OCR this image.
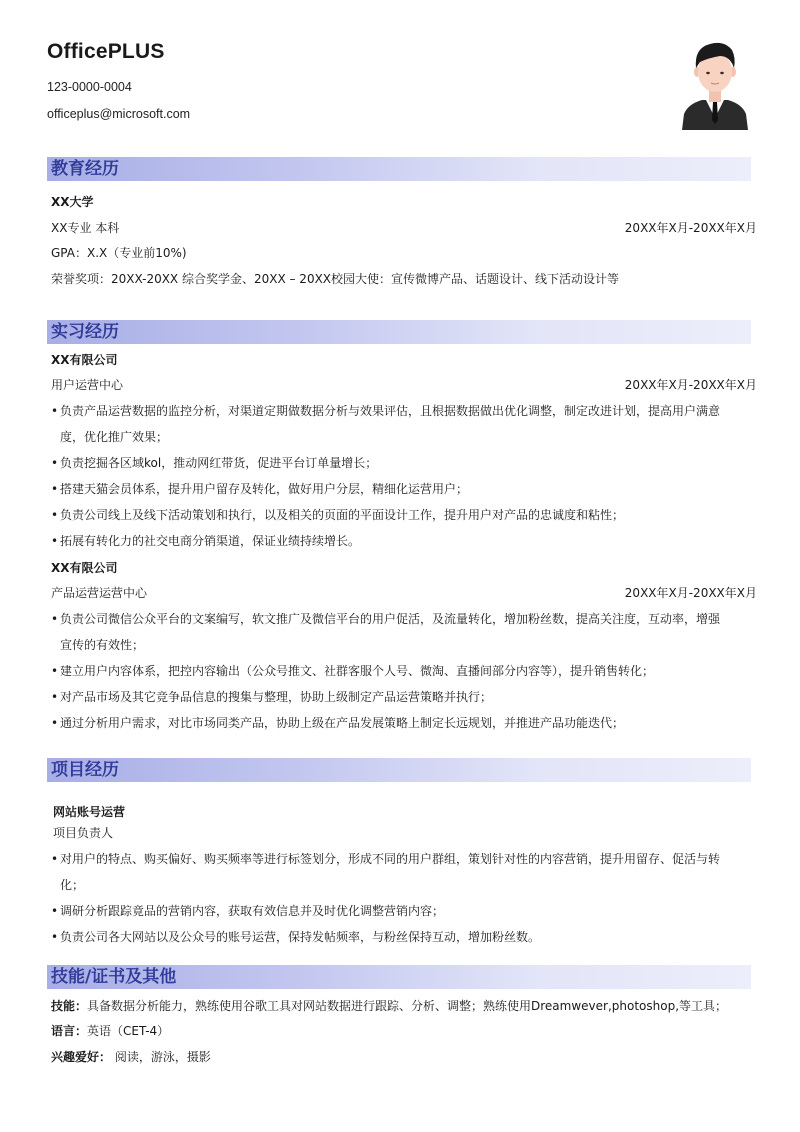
OfficePLUS
123-0000-0004
officeplus@microsoft.com
教育经历
XX大学
XX专业 本科	20XX年X月-20XX年X月
GPA：X.X（专业前10%)
荣誉奖项：20XX-20XX 综合奖学金、20XX – 20XX校园大使：宣传微博产品、话题设计、线下活动设计等
实习经历
XX有限公司
用户运营中心	20XX年X月-20XX年X月
• 负责产品运营数据的监控分析，对渠道定期做数据分析与效果评估，且根据数据做出优化调整，制定改进计划，提高用户满意
度，优化推广效果；
• 负责挖掘各区域kol，推动网红带货，促进平台订单量增长；
• 搭建天猫会员体系，提升用户留存及转化，做好用户分层，精细化运营用户；
• 负责公司线上及线下活动策划和执行，以及相关的页面的平面设计工作，提升用户对产品的忠诚度和粘性；
• 拓展有转化力的社交电商分销渠道，保证业绩持续增长。
XX有限公司
产品运营运营中心	20XX年X月-20XX年X月
• 负责公司微信公众平台的文案编写，软文推广及微信平台的用户促活，及流量转化，增加粉丝数，提高关注度，互动率，增强
宣传的有效性；
• 建立用户内容体系，把控内容输出（公众号推文、社群客服个人号、微淘、直播间部分内容等），提升销售转化；
• 对产品市场及其它竞争品信息的搜集与整理，协助上级制定产品运营策略并执行；
• 通过分析用户需求，对比市场同类产品，协助上级在产品发展策略上制定长远规划，并推进产品功能迭代；
项目经历
网站账号运营
项目负责人
• 对用户的特点、购买偏好、购买频率等进行标签划分，形成不同的用户群组，策划针对性的内容营销，提升用留存、促活与转
化；
• 调研分析跟踪竟品的营销内容，获取有效信息并及时优化调整营销内容；
• 负责公司各大网站以及公众号的账号运营，保持发帖频率，与粉丝保持互动，增加粉丝数。
技能/证书及其他
技能：具备数据分析能力，熟练使用谷歌工具对网站数据进行跟踪、分析、调整；熟练使用Dreamwever,photoshop,等工具；
语言：英语（CET-4）
兴趣爱好： 阅读，游泳，摄影
